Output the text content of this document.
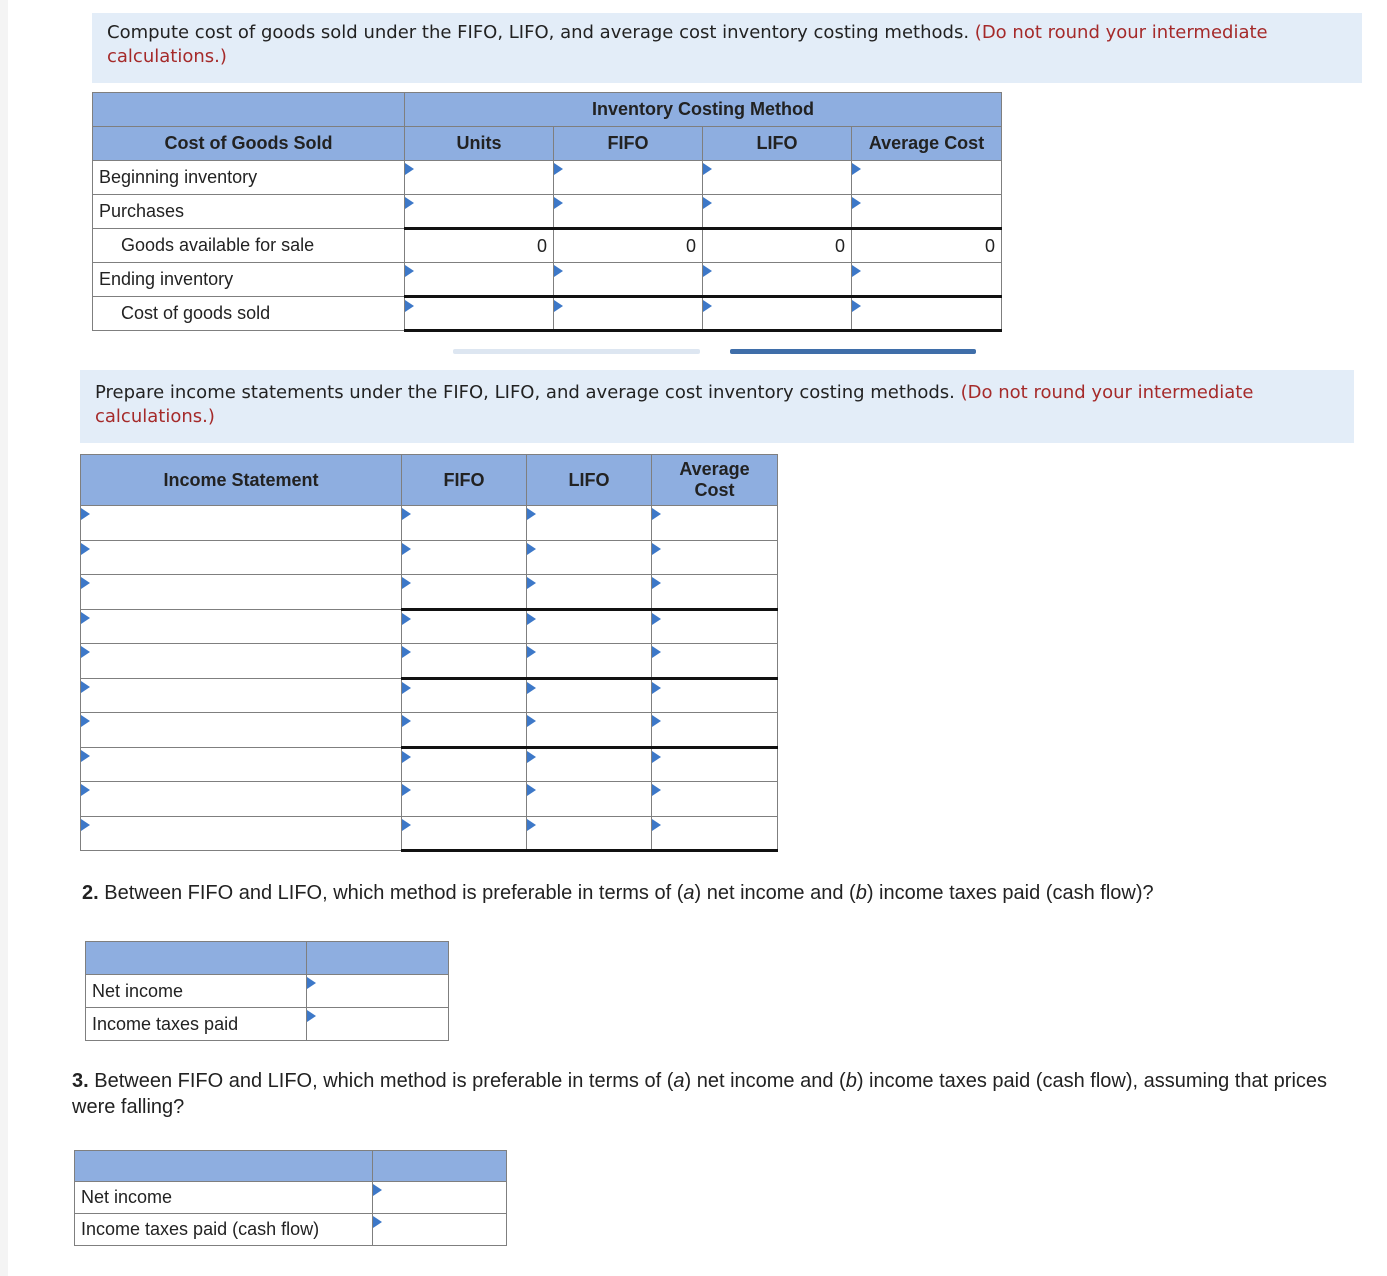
Compute cost of goods sold under the FIFO, LIFO, and average cost inventory costing methods. (Do not round your intermediate calculations.)
	Inventory Costing Method			
Cost of Goods Sold	Units	FIFO	LIFO	Average Cost
Beginning inventory	

Purchases	

Goods available for sale	0	0	0	0
Ending inventory	

Cost of goods sold	

Prepare income statements under the FIFO, LIFO, and average cost inventory costing methods. (Do not round your intermediate calculations.)
Income Statement	FIFO	LIFO	Average Cost

2. Between FIFO and LIFO, which method is preferable in terms of (a) net income and (b) income taxes paid (cash flow)?

Net income	

Income taxes paid	
3. Between FIFO and LIFO, which method is preferable in terms of (a) net income and (b) income taxes paid (cash flow), assuming that prices were falling?

Net income	

Income taxes paid (cash flow)	
